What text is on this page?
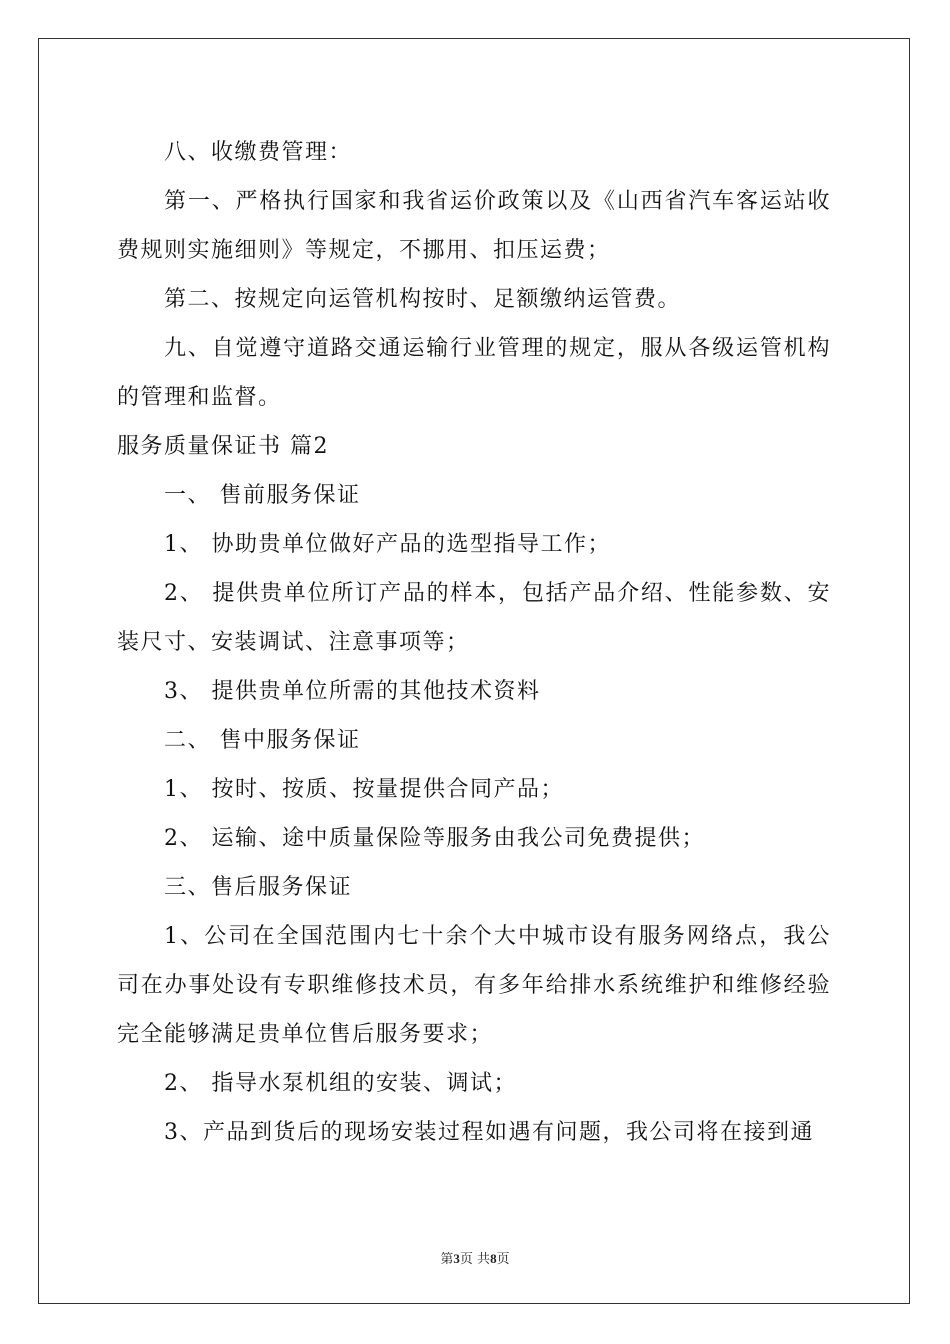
八、收缴费管理：

第一、严格执行国家和我省运价政策以及《山西省汽车客运站收费规则实施细则》等规定，不挪用、扣压运费；

第二、按规定向运管机构按时、足额缴纳运管费。

九、自觉遵守道路交通运输行业管理的规定，服从各级运管机构的管理和监督。

服务质量保证书 篇2

一、 售前服务保证

1、 协助贵单位做好产品的选型指导工作；

2、 提供贵单位所订产品的样本，包括产品介绍、性能参数、安装尺寸、安装调试、注意事项等；

3、 提供贵单位所需的其他技术资料

二、 售中服务保证

1、 按时、按质、按量提供合同产品；

2、 运输、途中质量保险等服务由我公司免费提供；

三、售后服务保证

1、公司在全国范围内七十余个大中城市设有服务网络点，我公司在办事处设有专职维修技术员，有多年给排水系统维护和维修经验完全能够满足贵单位售后服务要求；

2、 指导水泵机组的安装、调试；

3、产品到货后的现场安装过程如遇有问题，我公司将在接到通

第3页 共8页
